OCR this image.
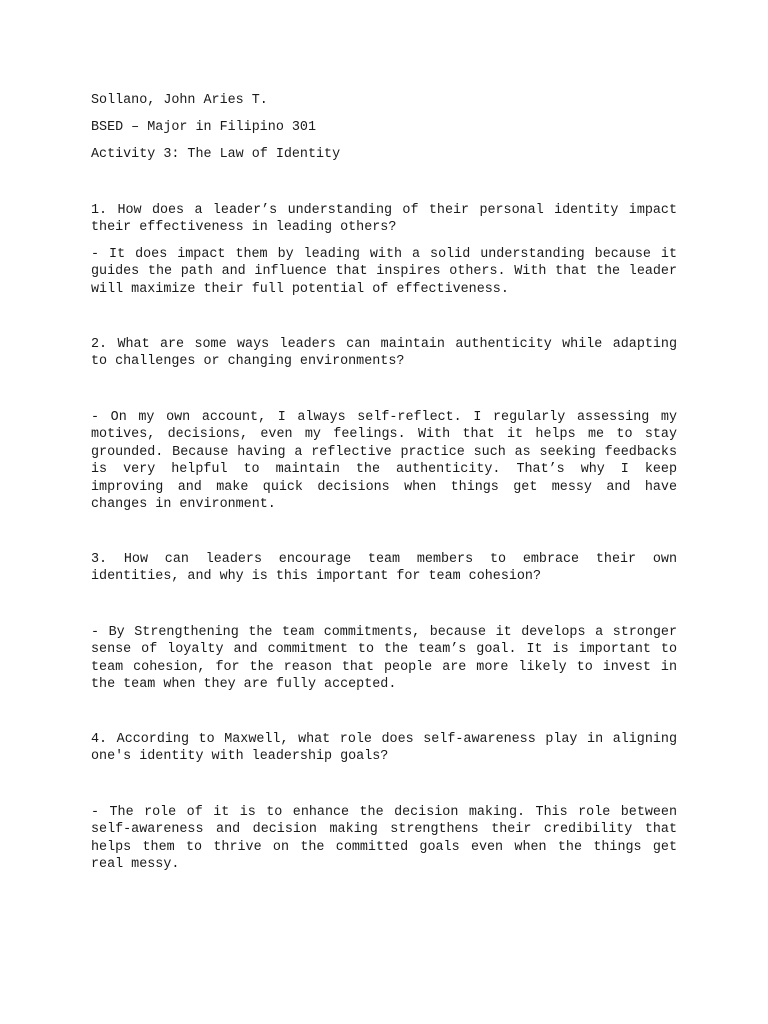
Sollano, John Aries T.
BSED – Major in Filipino 301
Activity 3: The Law of Identity

1. How does a leader’s understanding of their personal identity impact their effectiveness in leading others?

- It does impact them by leading with a solid understanding because it guides the path and influence that inspires others. With that the leader will maximize their full potential of effectiveness.

2. What are some ways leaders can maintain authenticity while adapting to challenges or changing environments?

- On my own account, I always self-reflect. I regularly assessing my motives, decisions, even my feelings. With that it helps me to stay grounded. Because having a reflective practice such as seeking feedbacks is very helpful to maintain the authenticity. That’s why I keep improving and make quick decisions when things get messy and have changes in environment.

3. How can leaders encourage team members to embrace their own identities, and why is this important for team cohesion?

- By Strengthening the team commitments, because it develops a stronger sense of loyalty and commitment to the team’s goal. It is important to team cohesion, for the reason that people are more likely to invest in the team when they are fully accepted.

4. According to Maxwell, what role does self-awareness play in aligning one's identity with leadership goals?

- The role of it is to enhance the decision making. This role between self-awareness and decision making strengthens their credibility that helps them to thrive on the committed goals even when the things get real messy.
